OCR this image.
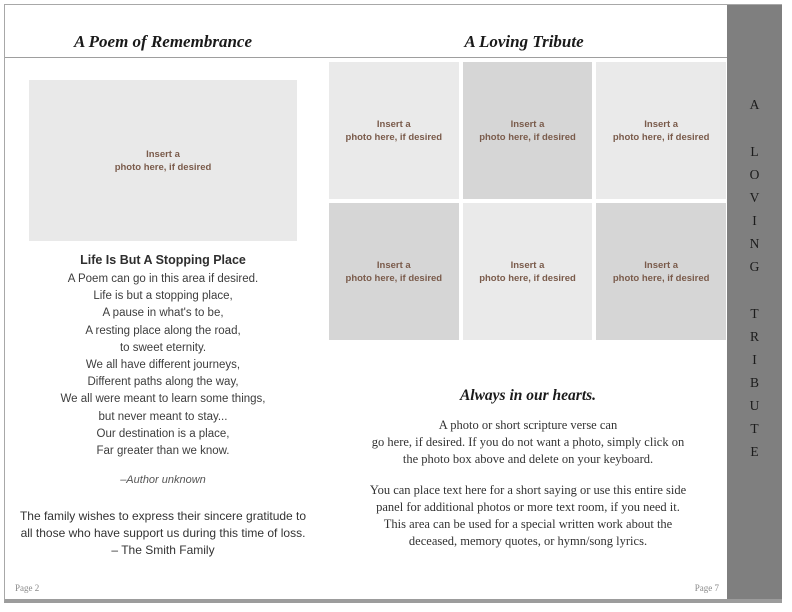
A Poem of Remembrance	A Loving Tribute
Insert a
photo here, if desired
Life Is But A Stopping Place
A Poem can go in this area if desired.
Life is but a stopping place,
A pause in what's to be,
A resting place along the road,
to sweet eternity.
We all have different journeys,
Different paths along the way,
We all were meant to learn some things,
but never meant to stay...
Our destination is a place,
Far greater than we know.
–Author unknown
The family wishes to express their sincere gratitude to
all those who have support us during this time of loss.
– The Smith Family
Insert a
photo here, if desired
Insert a
photo here, if desired
Insert a
photo here, if desired
Insert a
photo here, if desired
Insert a
photo here, if desired
Insert a
photo here, if desired
Always in our hearts.
A photo or short scripture verse can
go here, if desired. If you do not want a photo, simply click on
the photo box above and delete on your keyboard.
You can place text here for a short saying or use this entire side
panel for additional photos or more text room, if you need it.
This area can be used for a special written work about the
deceased, memory quotes, or hymn/song lyrics.
Page 2	Page 7
A
L
O
V
I
N
G
T
R
I
B
U
T
E
